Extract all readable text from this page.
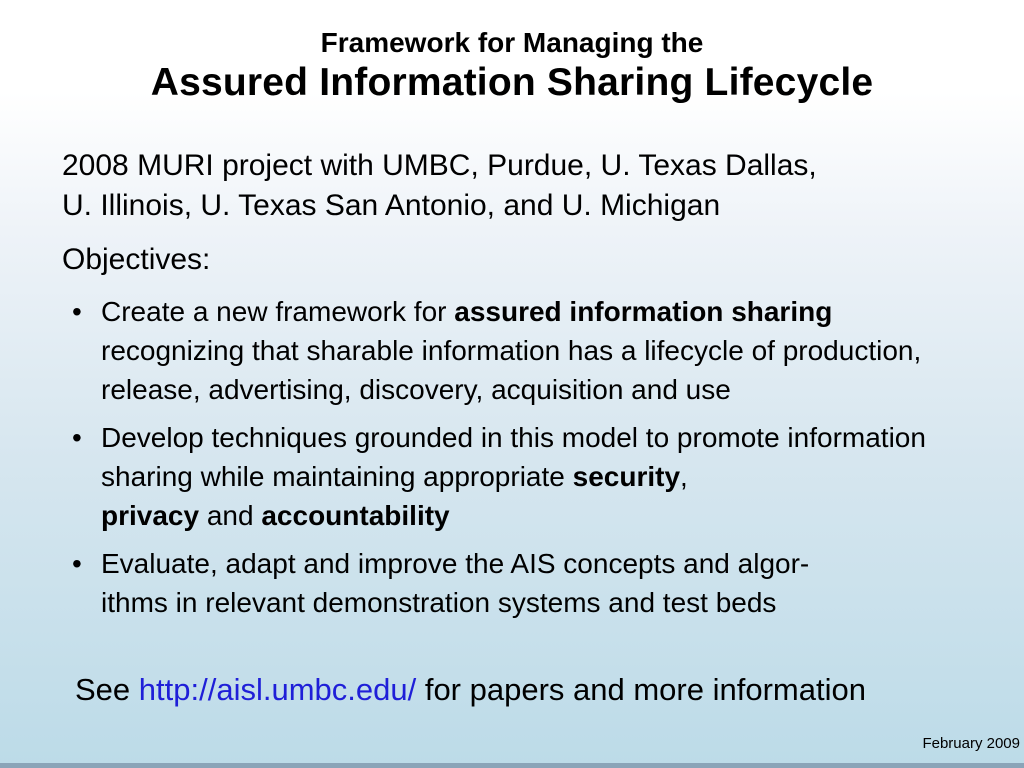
Framework for Managing the
Assured Information Sharing Lifecycle
2008 MURI project with UMBC, Purdue, U. Texas Dallas,
U. Illinois, U. Texas San Antonio, and U. Michigan
Objectives:
• Create a new framework for assured information sharing recognizing that sharable information has a lifecycle of production, release, advertising, discovery, acquisition and use
• Develop techniques grounded in this model to promote information sharing while maintaining appropriate security,
privacy and accountability
• Evaluate, adapt and improve the AIS concepts and algor-
ithms in relevant demonstration systems and test beds
See http://aisl.umbc.edu/ for papers and more information
February 2009
